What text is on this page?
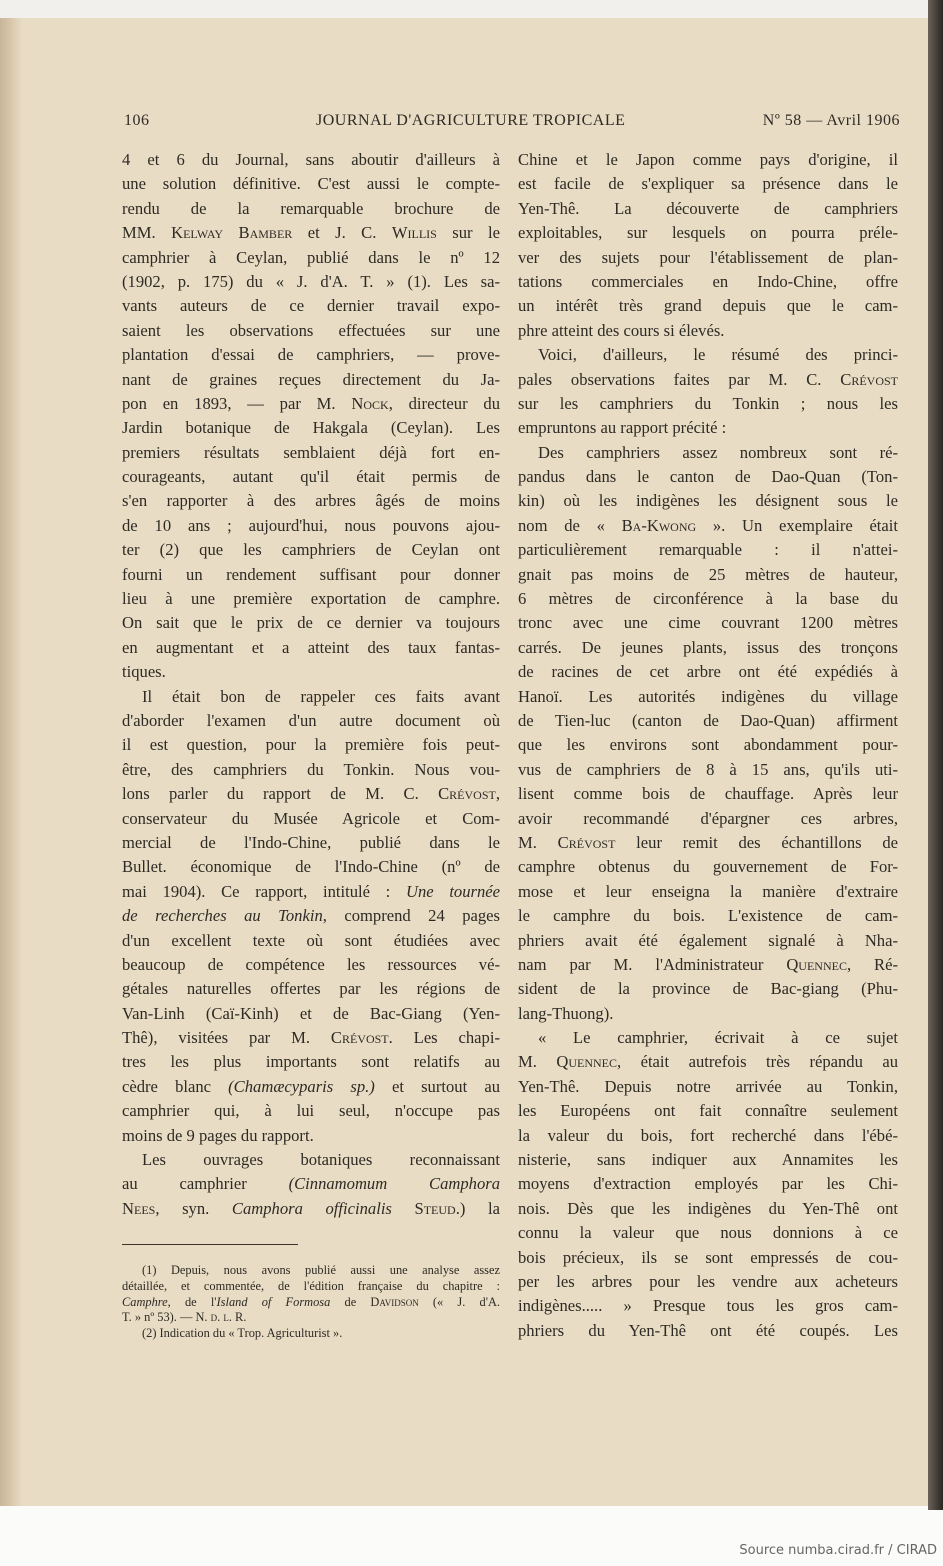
106	JOURNAL D'AGRICULTURE TROPICALE	Nº 58 — Avril 1906
4 et 6 du Journal, sans aboutir d'ailleurs à
une solution définitive. C'est aussi le compte-
rendu de la remarquable brochure de
MM. Kelway Bamber et J. C. Willis sur le
camphrier à Ceylan, publié dans le nº 12
(1902, p. 175) du « J. d'A. T. » (1). Les sa-
vants auteurs de ce dernier travail expo-
saient les observations effectuées sur une
plantation d'essai de camphriers, — prove-
nant de graines reçues directement du Ja-
pon en 1893, — par M. Nock, directeur du
Jardin botanique de Hakgala (Ceylan). Les
premiers résultats semblaient déjà fort en-
courageants, autant qu'il était permis de
s'en rapporter à des arbres âgés de moins
de 10 ans ; aujourd'hui, nous pouvons ajou-
ter (2) que les camphriers de Ceylan ont
fourni un rendement suffisant pour donner
lieu à une première exportation de camphre.
On sait que le prix de ce dernier va toujours
en augmentant et a atteint des taux fantas-
tiques.
Il était bon de rappeler ces faits avant
d'aborder l'examen d'un autre document où
il est question, pour la première fois peut-
être, des camphriers du Tonkin. Nous vou-
lons parler du rapport de M. C. Crévost,
conservateur du Musée Agricole et Com-
mercial de l'Indo-Chine, publié dans le
Bullet. économique de l'Indo-Chine (nº de
mai 1904). Ce rapport, intitulé : Une tournée
de recherches au Tonkin, comprend 24 pages
d'un excellent texte où sont étudiées avec
beaucoup de compétence les ressources vé-
gétales naturelles offertes par les régions de
Van-Linh (Caï-Kinh) et de Bac-Giang (Yen-
Thê), visitées par M. Crévost. Les chapi-
tres les plus importants sont relatifs au
cèdre blanc (Chamæcyparis sp.) et surtout au
camphrier qui, à lui seul, n'occupe pas
moins de 9 pages du rapport.
Les ouvrages botaniques reconnaissant
au camphrier (Cinnamomum Camphora
Nees, syn. Camphora officinalis Steud.) la
Chine et le Japon comme pays d'origine, il
est facile de s'expliquer sa présence dans le
Yen-Thê. La découverte de camphriers
exploitables, sur lesquels on pourra préle-
ver des sujets pour l'établissement de plan-
tations commerciales en Indo-Chine, offre
un intérêt très grand depuis que le cam-
phre atteint des cours si élevés.
Voici, d'ailleurs, le résumé des princi-
pales observations faites par M. C. Crévost
sur les camphriers du Tonkin ; nous les
empruntons au rapport précité :
Des camphriers assez nombreux sont ré-
pandus dans le canton de Dao-Quan (Ton-
kin) où les indigènes les désignent sous le
nom de « Ba-Kwong ». Un exemplaire était
particulièrement remarquable : il n'attei-
gnait pas moins de 25 mètres de hauteur,
6 mètres de circonférence à la base du
tronc avec une cime couvrant 1200 mètres
carrés. De jeunes plants, issus des tronçons
de racines de cet arbre ont été expédiés à
Hanoï. Les autorités indigènes du village
de Tien-luc (canton de Dao-Quan) affirment
que les environs sont abondamment pour-
vus de camphriers de 8 à 15 ans, qu'ils uti-
lisent comme bois de chauffage. Après leur
avoir recommandé d'épargner ces arbres,
M. Crévost leur remit des échantillons de
camphre obtenus du gouvernement de For-
mose et leur enseigna la manière d'extraire
le camphre du bois. L'existence de cam-
phriers avait été également signalé à Nha-
nam par M. l'Administrateur Quennec, Ré-
sident de la province de Bac-giang (Phu-
lang-Thuong).
« Le camphrier, écrivait à ce sujet
M. Quennec, était autrefois très répandu au
Yen-Thê. Depuis notre arrivée au Tonkin,
les Européens ont fait connaître seulement
la valeur du bois, fort recherché dans l'ébé-
nisterie, sans indiquer aux Annamites les
moyens d'extraction employés par les Chi-
nois. Dès que les indigènes du Yen-Thê ont
connu la valeur que nous donnions à ce
bois précieux, ils se sont empressés de cou-
per les arbres pour les vendre aux acheteurs
indigènes..... » Presque tous les gros cam-
phriers du Yen-Thê ont été coupés. Les
(1) Depuis, nous avons publié aussi une analyse assez
détaillée, et commentée, de l'édition française du chapitre :
Camphre, de l'Island of Formosa de Davidson (« J. d'A.
T. » nº 53). — N. d. l. R.
(2) Indication du « Trop. Agriculturist ».
Source numba.cirad.fr / CIRAD
